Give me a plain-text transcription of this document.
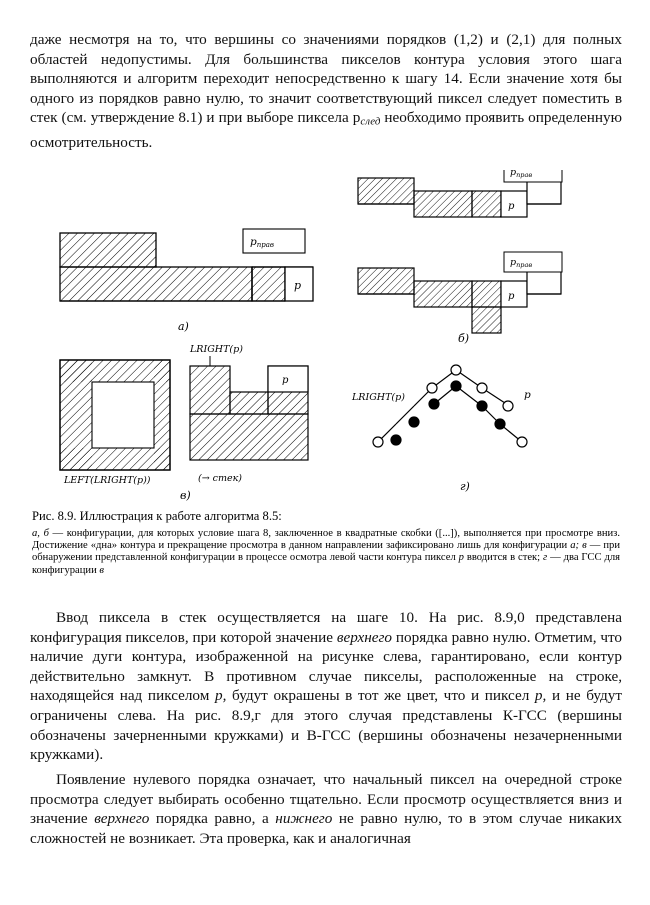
даже несмотря на то, что вершины со значениями порядков (1,2) и (2,1) для полных областей недопустимы. Для большинства пикселов контура условия этого шага выполняются и алгоритм переходит непосредственно к шагу 14. Если значение хотя бы одного из порядков равно нулю, то значит соответствующий пиксел следует поместить в стек (см. утверждение 8.1) и при выборе пиксела $p_{след}$ необходимо проявить определенную осмотрительность.
p
pправ
а)
p
$p_{прав}$
p
$p_{прав}$
б)
LEFT(LRIGHT(p))
LRIGHT(p)
p
(→ стек)
в)
LRIGHT(p)	p
г)
Рис. 8.9. Иллюстрация к работе алгоритма 8.5:
а, б — конфигурации, для которых условие шага 8, заключенное в квадратные скобки ([...]), выполняется при просмотре вниз. Достижение «дна» контура и прекращение просмотра в данном направлении зафиксировано лишь для конфигурации а; в — при обнаружении представленной конфигурации в процессе осмотра левой части контура пиксел p вводится в стек; г — два ГСС для конфигурации в
Ввод пиксела в стек осуществляется на шаге 10. На рис. 8.9,0 представлена конфигурация пикселов, при которой значение верхнего порядка равно нулю. Отметим, что наличие дуги контура, изображенной на рисунке слева, гарантировано, если контур действительно замкнут. В противном случае пикселы, расположенные на строке, находящейся над пикселом p, будут окрашены в тот же цвет, что и пиксел p, и не будут ограничены слева. На рис. 8.9,г для этого случая представлены К-ГСС (вершины обозначены зачерненными кружками) и В-ГСС (вершины обозначены незачерненными кружками).
Появление нулевого порядка означает, что начальный пиксел на очередной строке просмотра следует выбирать особенно тщательно. Если просмотр осуществляется вниз и значение верхнего порядка равно, а нижнего не равно нулю, то в этом случае никаких сложностей не возникает. Эта проверка, как и аналогичная
